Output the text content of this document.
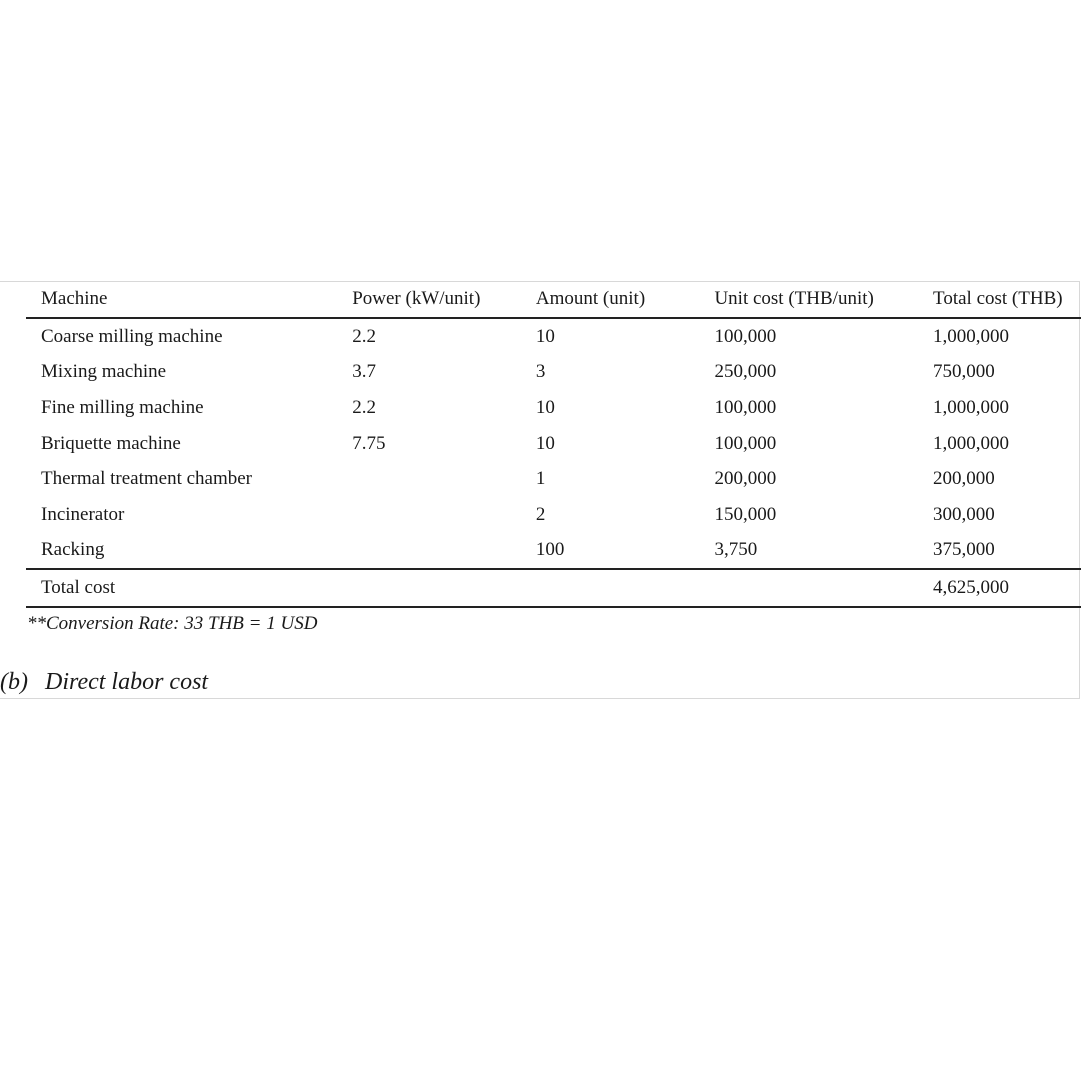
Machine	Power (kW/unit)	Amount (unit)	Unit cost (THB/unit)	Total cost (THB)
Coarse milling machine	2.2	10	100,000	1,000,000
Mixing machine	3.7	3	250,000	750,000
Fine milling machine	2.2	10	100,000	1,000,000
Briquette machine	7.75	10	100,000	1,000,000
Thermal treatment chamber		1	200,000	200,000
Incinerator		2	150,000	300,000
Racking		100	3,750	375,000
Total cost				4,625,000
**Conversion Rate: 33 THB = 1 USD
(b) Direct labor cost
